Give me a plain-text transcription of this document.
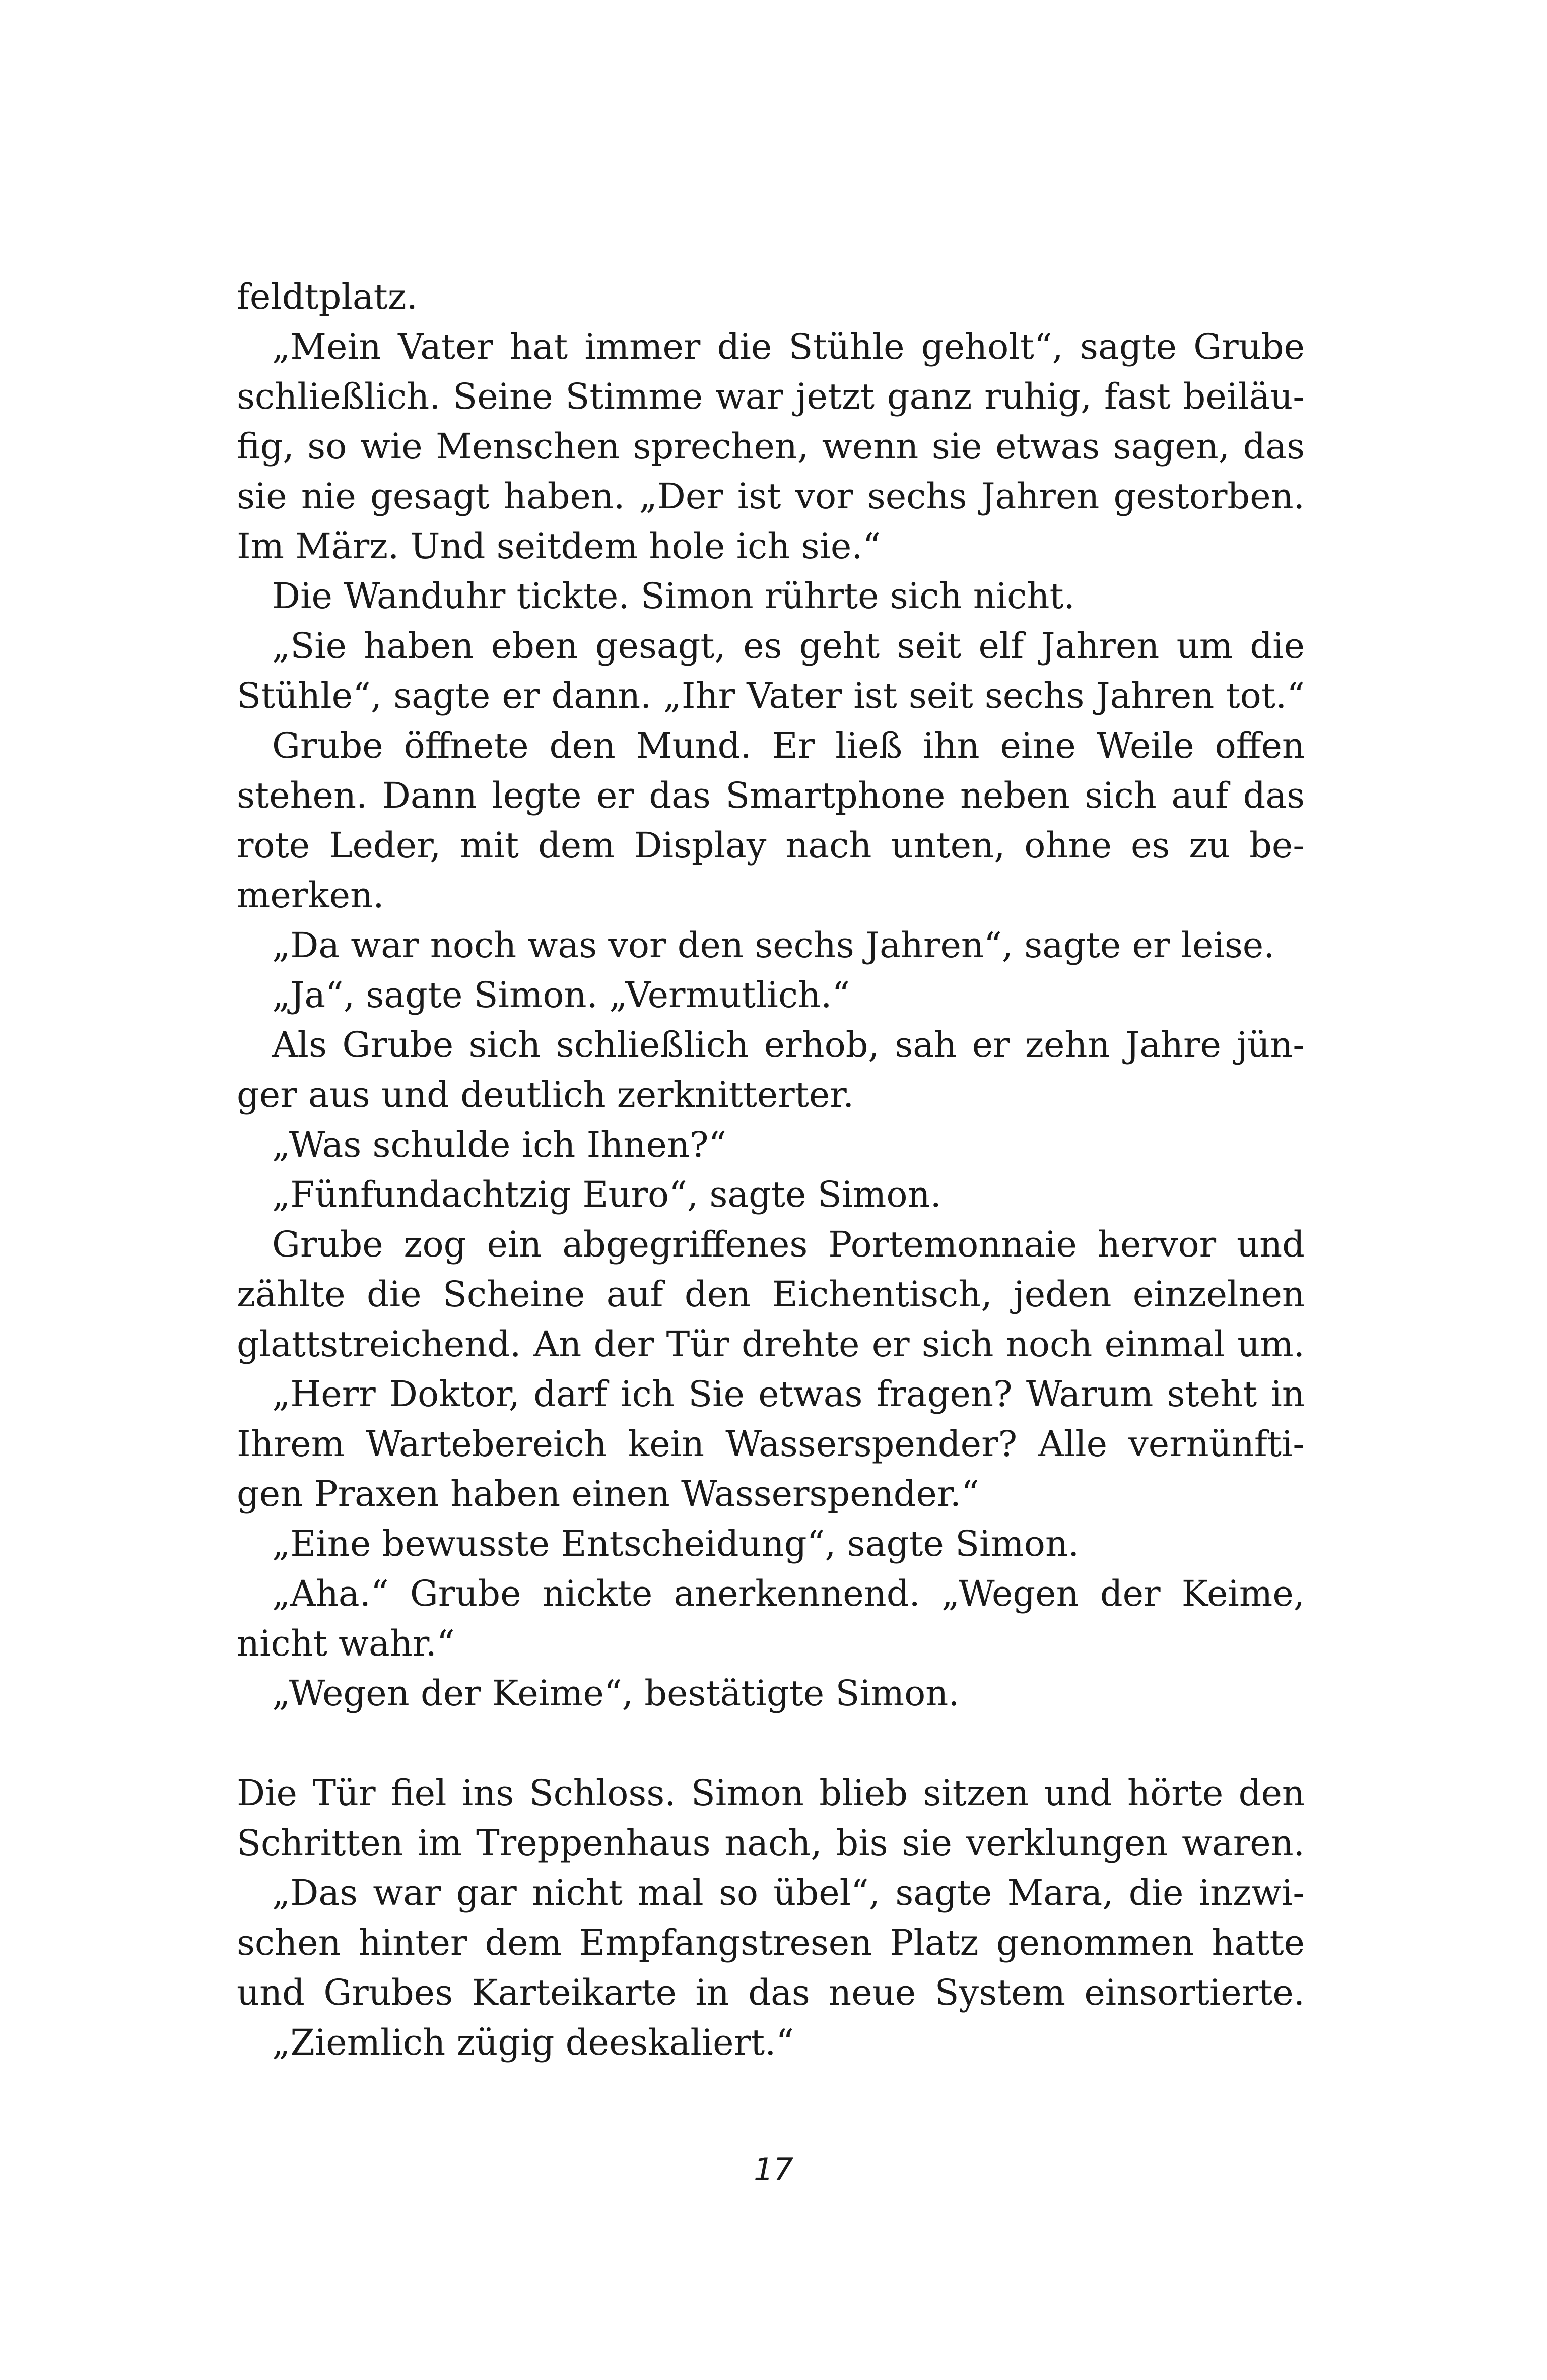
feldtplatz.
„Mein Vater hat immer die Stühle geholt“, sagte Grube
schließlich. Seine Stimme war jetzt ganz ruhig, fast beiläu-
fig, so wie Menschen sprechen, wenn sie etwas sagen, das
sie nie gesagt haben. „Der ist vor sechs Jahren gestorben.
Im März. Und seitdem hole ich sie.“
Die Wanduhr tickte. Simon rührte sich nicht.
„Sie haben eben gesagt, es geht seit elf Jahren um die
Stühle“, sagte er dann. „Ihr Vater ist seit sechs Jahren tot.“
Grube öffnete den Mund. Er ließ ihn eine Weile offen
stehen. Dann legte er das Smartphone neben sich auf das
rote Leder, mit dem Display nach unten, ohne es zu be-
merken.
„Da war noch was vor den sechs Jahren“, sagte er leise.
„Ja“, sagte Simon. „Vermutlich.“
Als Grube sich schließlich erhob, sah er zehn Jahre jün-
ger aus und deutlich zerknitterter.
„Was schulde ich Ihnen?“
„Fünfundachtzig Euro“, sagte Simon.
Grube zog ein abgegriffenes Portemonnaie hervor und
zählte die Scheine auf den Eichentisch, jeden einzelnen
glattstreichend. An der Tür drehte er sich noch einmal um.
„Herr Doktor, darf ich Sie etwas fragen? Warum steht in
Ihrem Wartebereich kein Wasserspender? Alle vernünfti-
gen Praxen haben einen Wasserspender.“
„Eine bewusste Entscheidung“, sagte Simon.
„Aha.“ Grube nickte anerkennend. „Wegen der Keime,
nicht wahr.“
„Wegen der Keime“, bestätigte Simon.
Die Tür fiel ins Schloss. Simon blieb sitzen und hörte den
Schritten im Treppenhaus nach, bis sie verklungen waren.
„Das war gar nicht mal so übel“, sagte Mara, die inzwi-
schen hinter dem Empfangstresen Platz genommen hatte
und Grubes Karteikarte in das neue System einsortierte.
„Ziemlich zügig deeskaliert.“
17
